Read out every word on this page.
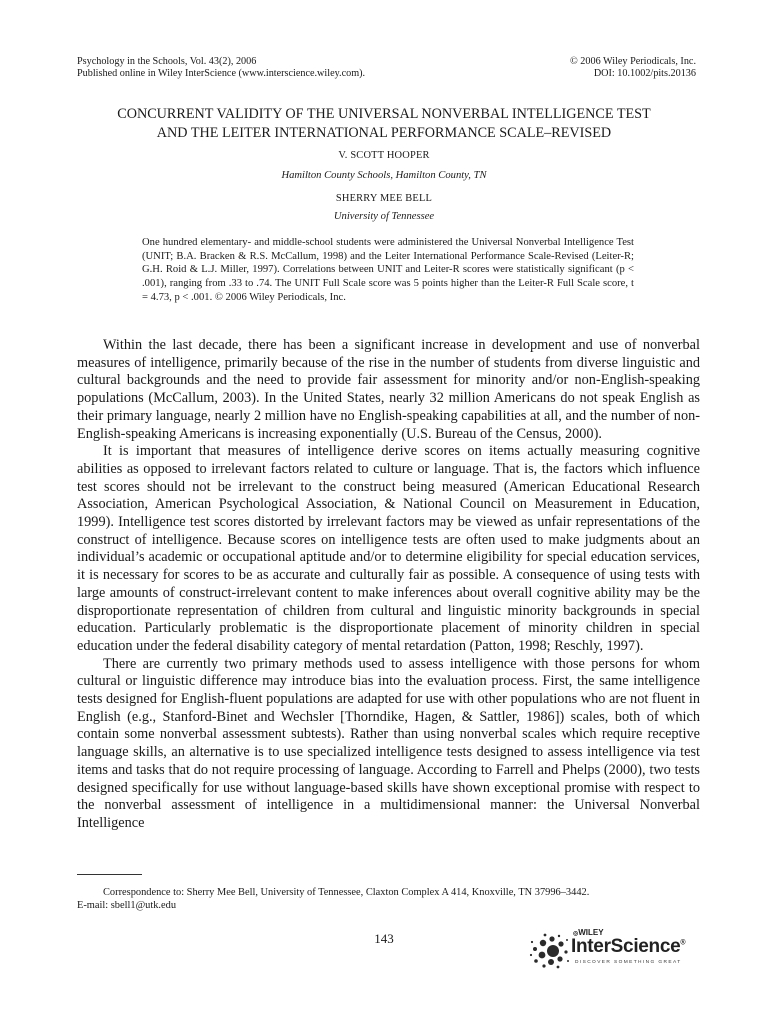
Psychology in the Schools, Vol. 43(2), 2006
Published online in Wiley InterScience (www.interscience.wiley.com).
© 2006 Wiley Periodicals, Inc.
DOI: 10.1002/pits.20136
CONCURRENT VALIDITY OF THE UNIVERSAL NONVERBAL INTELLIGENCE TEST
AND THE LEITER INTERNATIONAL PERFORMANCE SCALE–REVISED
V. SCOTT HOOPER
Hamilton County Schools, Hamilton County, TN
SHERRY MEE BELL
University of Tennessee
One hundred elementary- and middle-school students were administered the Universal Nonverbal Intelligence Test (UNIT; B.A. Bracken & R.S. McCallum, 1998) and the Leiter International Performance Scale-Revised (Leiter-R; G.H. Roid & L.J. Miller, 1997). Correlations between UNIT and Leiter-R scores were statistically significant (p < .001), ranging from .33 to .74. The UNIT Full Scale score was 5 points higher than the Leiter-R Full Scale score, t = 4.73, p < .001. © 2006 Wiley Periodicals, Inc.

Within the last decade, there has been a significant increase in development and use of nonverbal measures of intelligence, primarily because of the rise in the number of students from diverse linguistic and cultural backgrounds and the need to provide fair assessment for minority and/or non-English-speaking populations (McCallum, 2003). In the United States, nearly 32 million Americans do not speak English as their primary language, nearly 2 million have no English-speaking capabilities at all, and the number of non-English-speaking Americans is increasing exponentially (U.S. Bureau of the Census, 2000).

It is important that measures of intelligence derive scores on items actually measuring cognitive abilities as opposed to irrelevant factors related to culture or language. That is, the factors which influence test scores should not be irrelevant to the construct being measured (American Educational Research Association, American Psychological Association, & National Council on Measurement in Education, 1999). Intelligence test scores distorted by irrelevant factors may be viewed as unfair representations of the construct of intelligence. Because scores on intelligence tests are often used to make judgments about an individual’s academic or occupational aptitude and/or to determine eligibility for special education services, it is necessary for scores to be as accurate and culturally fair as possible. A consequence of using tests with large amounts of construct-irrelevant content to make inferences about overall cognitive ability may be the disproportionate representation of children from cultural and linguistic minority backgrounds in special education. Particularly problematic is the disproportionate placement of minority children in special education under the federal disability category of mental retardation (Patton, 1998; Reschly, 1997).

There are currently two primary methods used to assess intelligence with those persons for whom cultural or linguistic difference may introduce bias into the evaluation process. First, the same intelligence tests designed for English-fluent populations are adapted for use with other populations who are not fluent in English (e.g., Stanford-Binet and Wechsler [Thorndike, Hagen, & Sattler, 1986]) scales, both of which contain some nonverbal assessment subtests). Rather than using nonverbal scales which require receptive language skills, an alternative is to use specialized intelligence tests designed to assess intelligence via test items and tasks that do not require processing of language. According to Farrell and Phelps (2000), two tests designed specifically for use without language-based skills have shown exceptional promise with respect to the nonverbal assessment of intelligence in a multidimensional manner: the Universal Nonverbal Intelligence

Correspondence to: Sherry Mee Bell, University of Tennessee, Claxton Complex A 414, Knoxville, TN 37996–3442.
E-mail: sbell1@utk.edu
143	◎WILEY
InterScience®
DISCOVER SOMETHING GREAT
